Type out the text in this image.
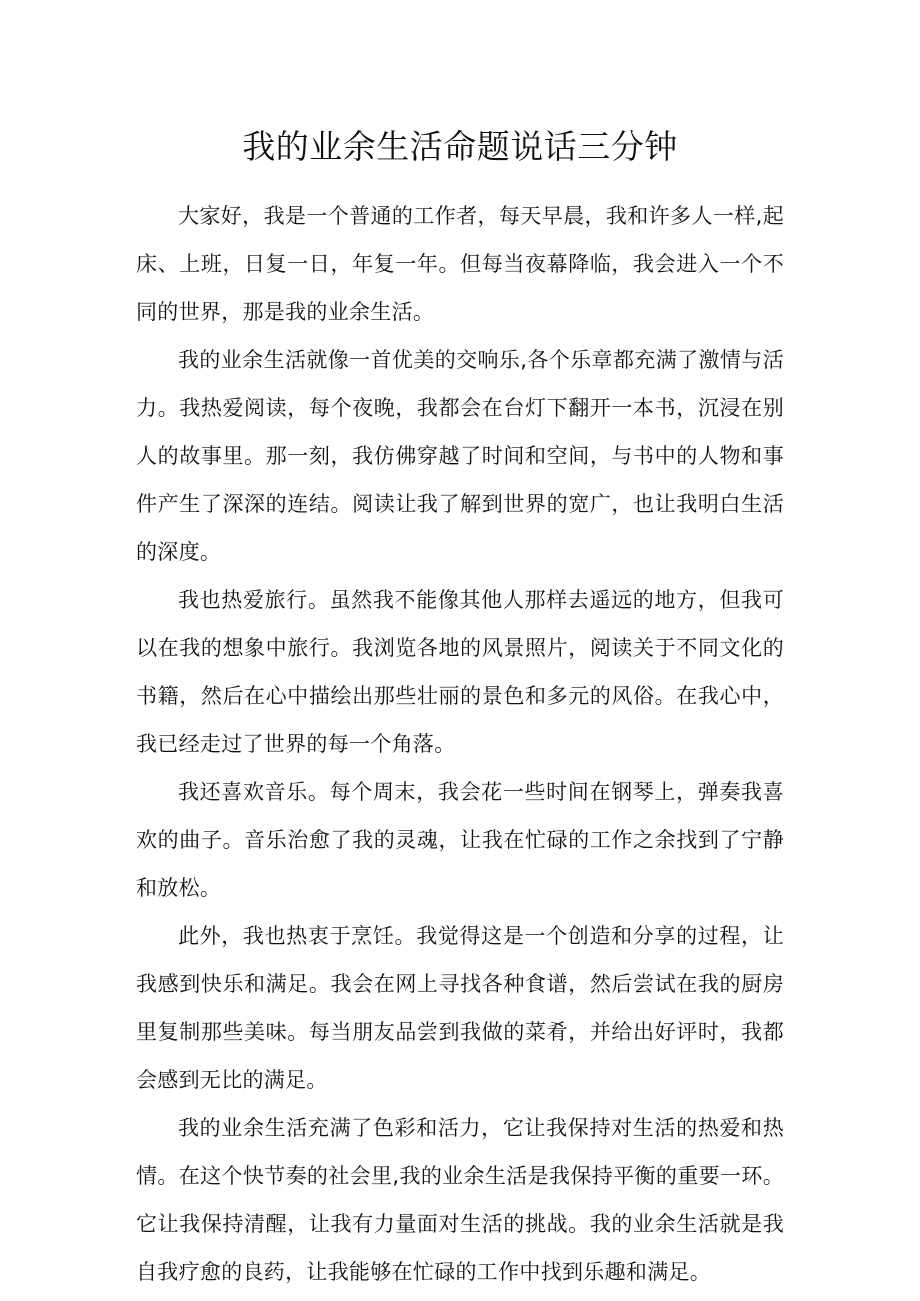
我的业余生活命题说话三分钟

大家好，我是一个普通的工作者，每天早晨，我和许多人一样,起床、上班，日复一日，年复一年。但每当夜幕降临，我会进入一个不同的世界，那是我的业余生活。

我的业余生活就像一首优美的交响乐,各个乐章都充满了激情与活力。我热爱阅读，每个夜晚，我都会在台灯下翻开一本书，沉浸在别人的故事里。那一刻，我仿佛穿越了时间和空间，与书中的人物和事件产生了深深的连结。阅读让我了解到世界的宽广，也让我明白生活的深度。

我也热爱旅行。虽然我不能像其他人那样去遥远的地方，但我可以在我的想象中旅行。我浏览各地的风景照片，阅读关于不同文化的书籍，然后在心中描绘出那些壮丽的景色和多元的风俗。在我心中，我已经走过了世界的每一个角落。

我还喜欢音乐。每个周末，我会花一些时间在钢琴上，弹奏我喜欢的曲子。音乐治愈了我的灵魂，让我在忙碌的工作之余找到了宁静和放松。

此外，我也热衷于烹饪。我觉得这是一个创造和分享的过程，让我感到快乐和满足。我会在网上寻找各种食谱，然后尝试在我的厨房里复制那些美味。每当朋友品尝到我做的菜肴，并给出好评时，我都会感到无比的满足。

我的业余生活充满了色彩和活力，它让我保持对生活的热爱和热情。在这个快节奏的社会里,我的业余生活是我保持平衡的重要一环。它让我保持清醒，让我有力量面对生活的挑战。我的业余生活就是我自我疗愈的良药，让我能够在忙碌的工作中找到乐趣和满足。
